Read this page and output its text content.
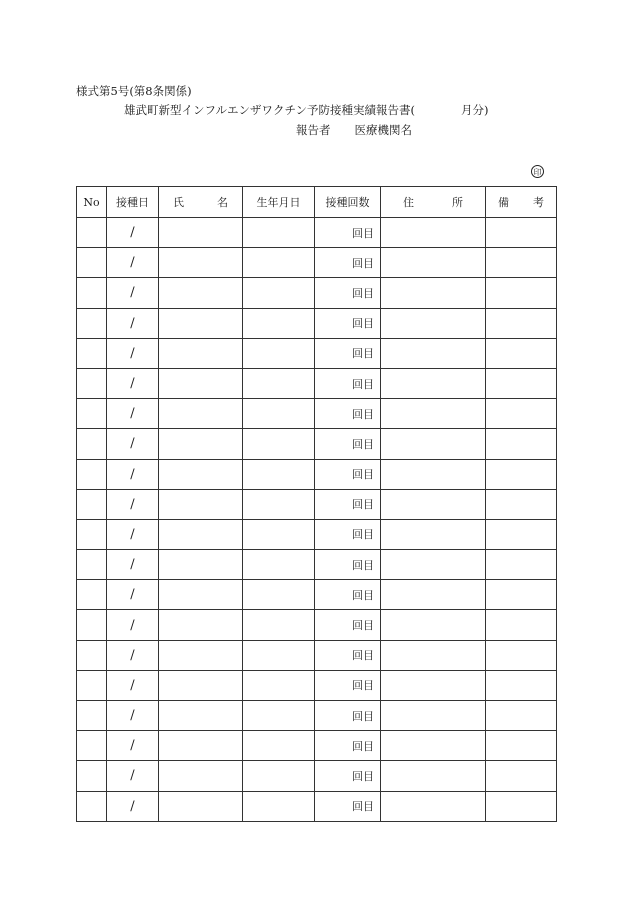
様式第5号(第8条関係)
雄武町新型インフルエンザワクチン予防接種実績報告書(	月分)
報告者 医療機関名
印
No	接種日	氏 名	生年月日	接種回数	住 所	備 考

	/			回目		
	/			回目		
	/			回目		
	/			回目		
	/			回目		
	/			回目		
	/			回目		
	/			回目		
	/			回目		
	/			回目		
	/			回目		
	/			回目		
	/			回目		
	/			回目		
	/			回目		
	/			回目		
	/			回目		
	/			回目		
	/			回目		
	/			回目		
